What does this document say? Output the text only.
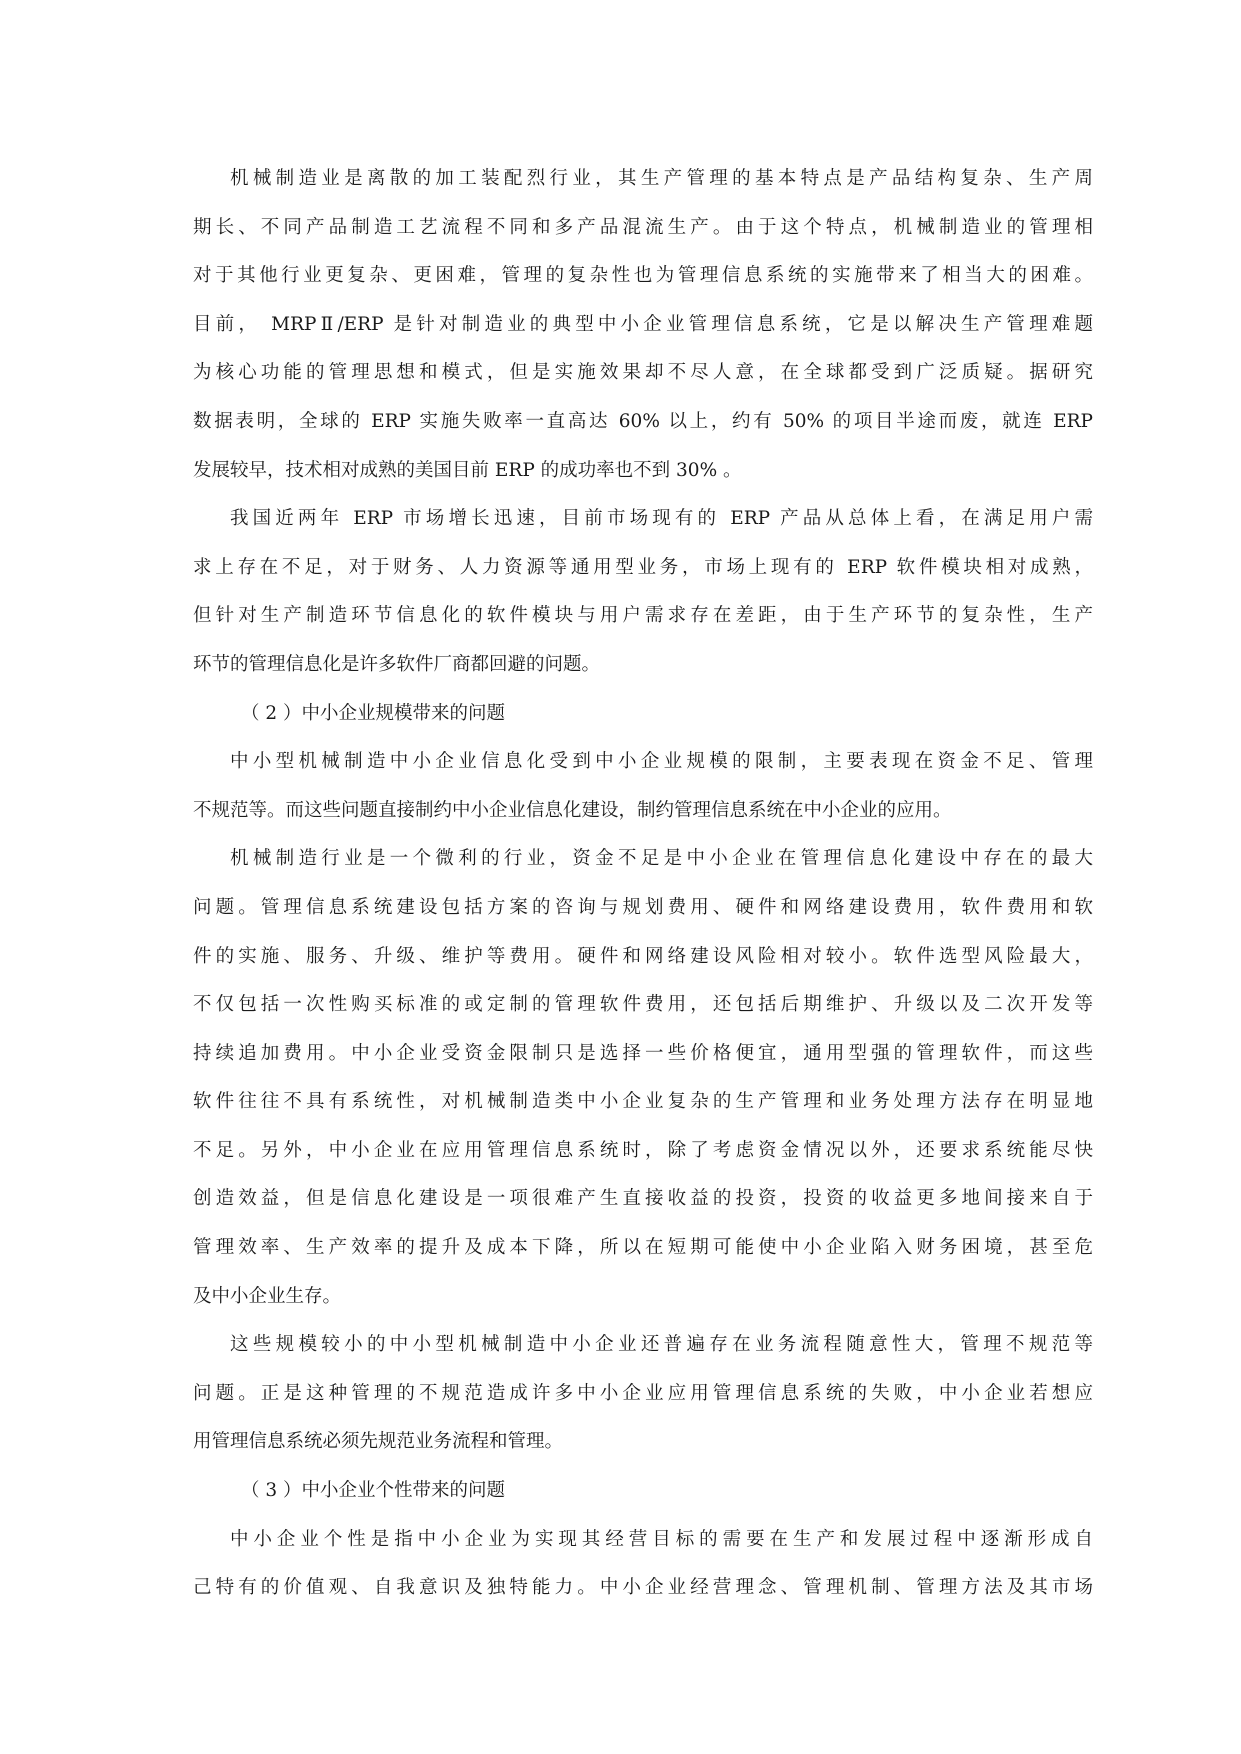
机械制造业是离散的加工装配烈行业，其生产管理的基本特点是产品结构复杂、生产周
期长、不同产品制造工艺流程不同和多产品混流生产。由于这个特点，机械制造业的管理相
对于其他行业更复杂、更困难，管理的复杂性也为管理信息系统的实施带来了相当大的困难。
目前， MRPⅡ/ERP 是针对制造业的典型中小企业管理信息系统，它是以解决生产管理难题
为核心功能的管理思想和模式，但是实施效果却不尽人意，在全球都受到广泛质疑。据研究
数据表明，全球的 ERP 实施失败率一直高达 60% 以上，约有 50% 的项目半途而废，就连 ERP
发展较早，技术相对成熟的美国目前 ERP 的成功率也不到 30% 。
我国近两年 ERP 市场增长迅速，目前市场现有的 ERP 产品从总体上看，在满足用户需
求上存在不足，对于财务、人力资源等通用型业务，市场上现有的 ERP 软件模块相对成熟，
但针对生产制造环节信息化的软件模块与用户需求存在差距，由于生产环节的复杂性，生产
环节的管理信息化是许多软件厂商都回避的问题。
（ 2 ）中小企业规模带来的问题
中小型机械制造中小企业信息化受到中小企业规模的限制，主要表现在资金不足、管理
不规范等。而这些问题直接制约中小企业信息化建设，制约管理信息系统在中小企业的应用。
机械制造行业是一个微利的行业，资金不足是中小企业在管理信息化建设中存在的最大
问题。管理信息系统建设包括方案的咨询与规划费用、硬件和网络建设费用，软件费用和软
件的实施、服务、升级、维护等费用。硬件和网络建设风险相对较小。软件选型风险最大，
不仅包括一次性购买标准的或定制的管理软件费用，还包括后期维护、升级以及二次开发等
持续追加费用。中小企业受资金限制只是选择一些价格便宜，通用型强的管理软件，而这些
软件往往不具有系统性，对机械制造类中小企业复杂的生产管理和业务处理方法存在明显地
不足。另外，中小企业在应用管理信息系统时，除了考虑资金情况以外，还要求系统能尽快
创造效益，但是信息化建设是一项很难产生直接收益的投资，投资的收益更多地间接来自于
管理效率、生产效率的提升及成本下降，所以在短期可能使中小企业陷入财务困境，甚至危
及中小企业生存。
这些规模较小的中小型机械制造中小企业还普遍存在业务流程随意性大，管理不规范等
问题。正是这种管理的不规范造成许多中小企业应用管理信息系统的失败，中小企业若想应
用管理信息系统必须先规范业务流程和管理。
（ 3 ）中小企业个性带来的问题
中小企业个性是指中小企业为实现其经营目标的需要在生产和发展过程中逐渐形成自
己特有的价值观、自我意识及独特能力。中小企业经营理念、管理机制、管理方法及其市场
